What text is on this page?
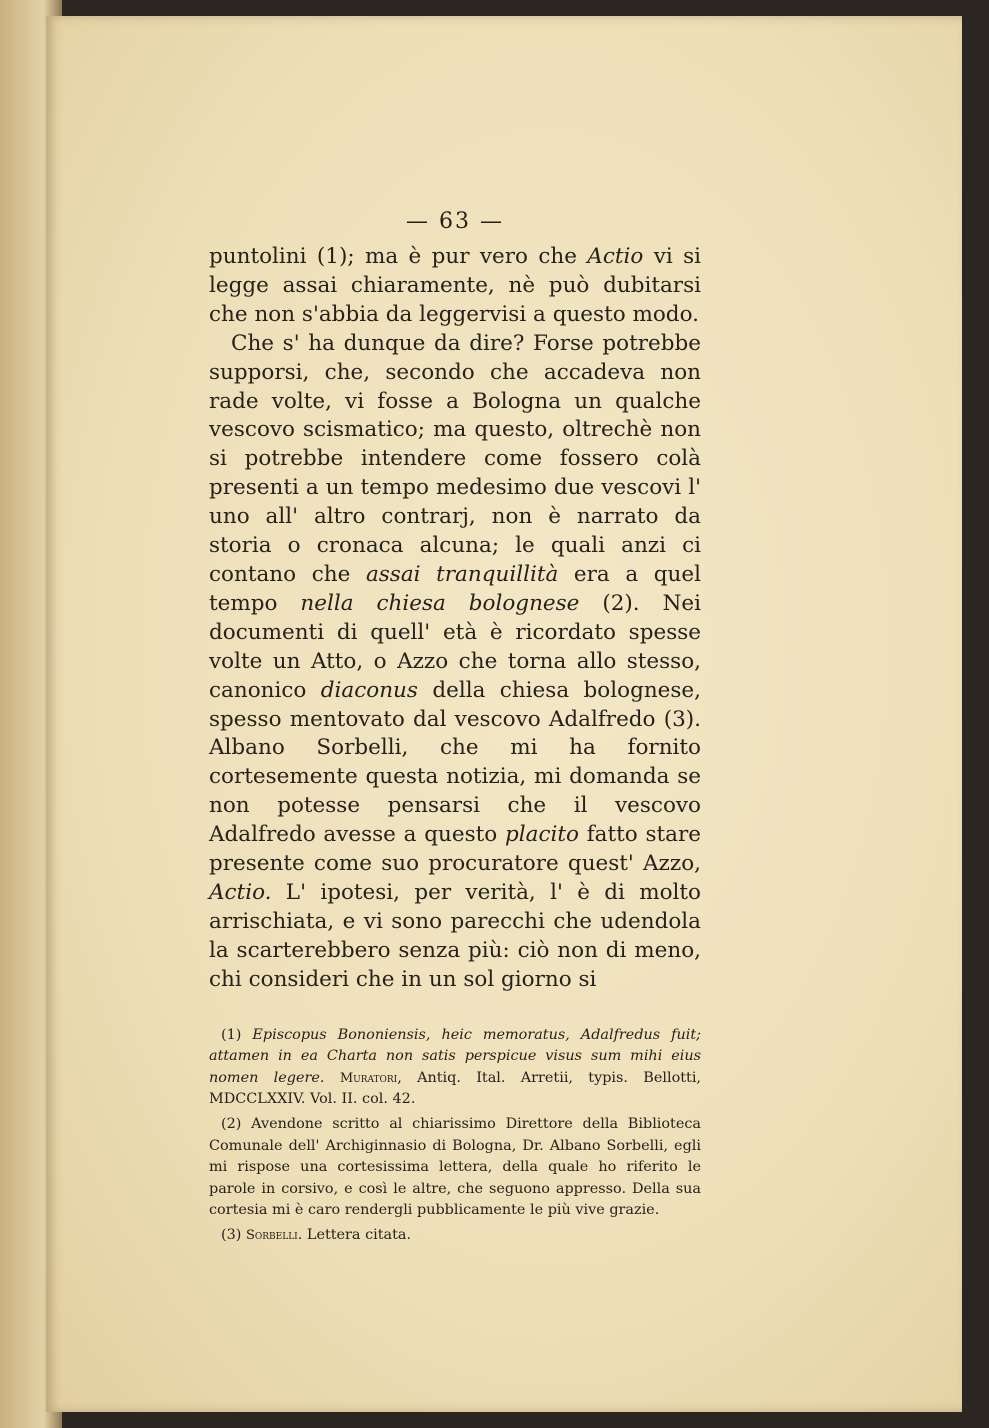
— 63 —

puntolini (1); ma è pur vero che Actio vi si legge assai chiaramente, nè può dubitarsi che non s'abbia da leggervisi a questo modo.

Che s' ha dunque da dire? Forse potrebbe supporsi, che, secondo che accadeva non rade volte, vi fosse a Bologna un qualche vescovo scismatico; ma questo, oltrechè non si potrebbe intendere come fossero colà presenti a un tempo medesimo due vescovi l' uno all' altro contrarj, non è narrato da storia o cronaca alcuna; le quali anzi ci contano che assai tranquillità era a quel tempo nella chiesa bolognese (2). Nei documenti di quell' età è ricordato spesse volte un Atto, o Azzo che torna allo stesso, canonico diaconus della chiesa bolognese, spesso mentovato dal vescovo Adalfredo (3). Albano Sorbelli, che mi ha fornito cortesemente questa notizia, mi domanda se non potesse pensarsi che il vescovo Adalfredo avesse a questo placito fatto stare presente come suo procuratore quest' Azzo, Actio. L' ipotesi, per verità, l' è di molto arrischiata, e vi sono parecchi che udendola la scarterebbero senza più: ciò non di meno, chi consideri che in un sol giorno si

(1) Episcopus Bononiensis, heic memoratus, Adalfredus fuit; attamen in ea Charta non satis perspicue visus sum mihi eius nomen legere. Muratori, Antiq. Ital. Arretii, typis. Bellotti, MDCCLXXIV. Vol. II. col. 42.

(2) Avendone scritto al chiarissimo Direttore della Biblioteca Comunale dell' Archiginnasio di Bologna, Dr. Albano Sorbelli, egli mi rispose una cortesissima lettera, della quale ho riferito le parole in corsivo, e così le altre, che seguono appresso. Della sua cortesia mi è caro rendergli pubblicamente le più vive grazie.

(3) Sorbelli. Lettera citata.
